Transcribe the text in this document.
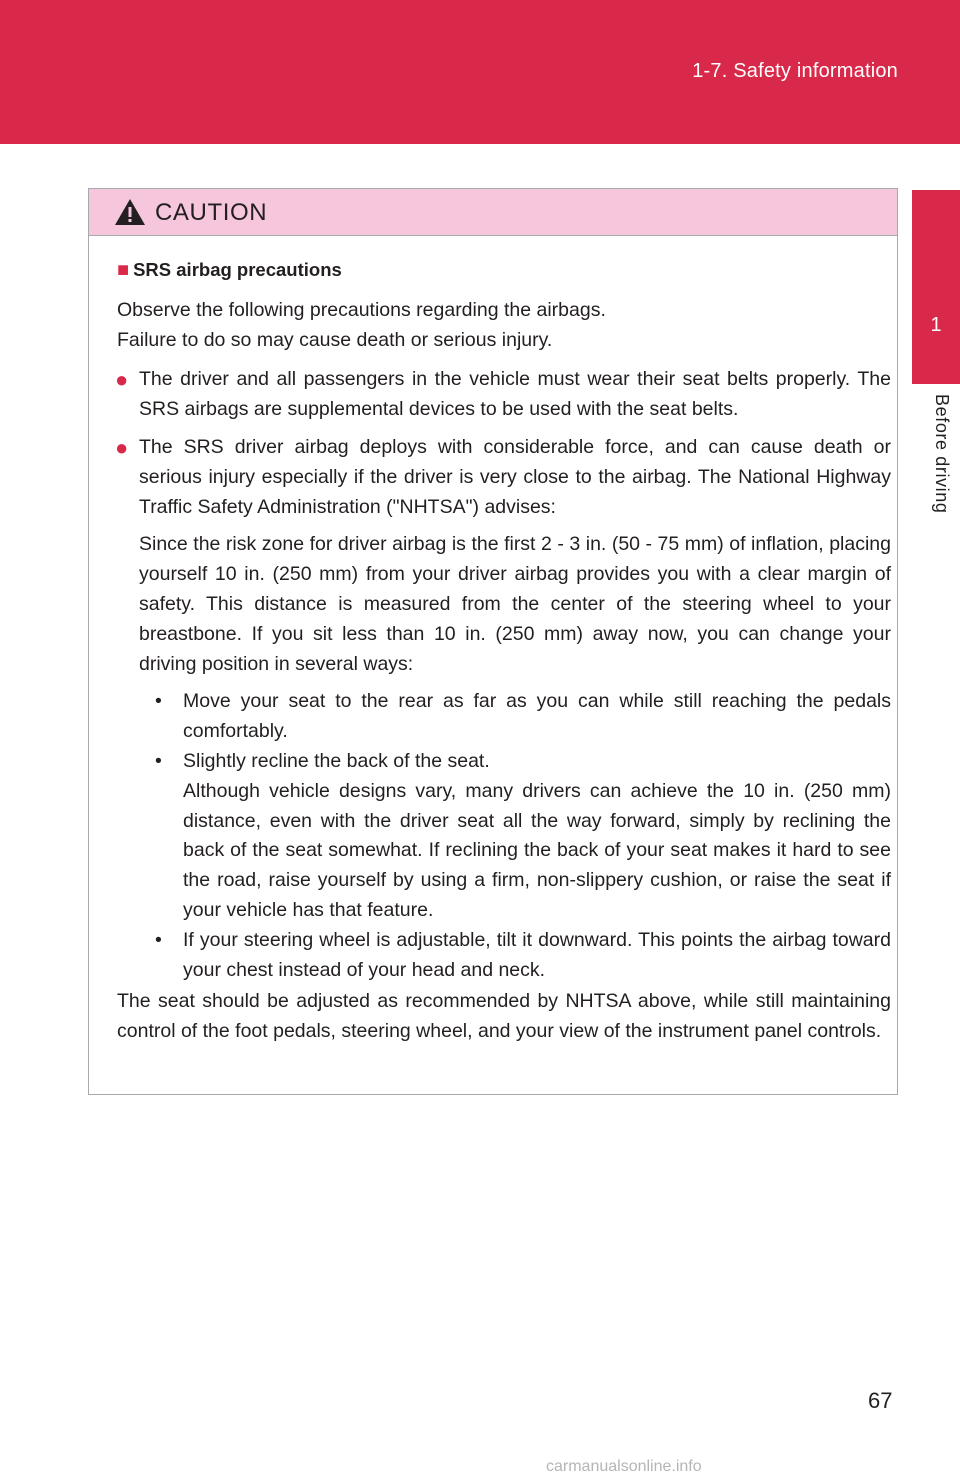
1-7. Safety information
1
Before driving
CAUTION

■ SRS airbag precautions

Observe the following precautions regarding the airbags.
Failure to do so may cause death or serious injury.

● The driver and all passengers in the vehicle must wear their seat belts properly. The SRS airbags are supplemental devices to be used with the seat belts.

● The SRS driver airbag deploys with considerable force, and can cause death or serious injury especially if the driver is very close to the airbag. The National Highway Traffic Safety Administration ("NHTSA") advises:

Since the risk zone for driver airbag is the first 2 - 3 in. (50 - 75 mm) of inflation, placing yourself 10 in. (250 mm) from your driver airbag provides you with a clear margin of safety. This distance is measured from the center of the steering wheel to your breastbone. If you sit less than 10 in. (250 mm) away now, you can change your driving position in several ways:

• Move your seat to the rear as far as you can while still reaching the pedals comfortably.
• Slightly recline the back of the seat.
Although vehicle designs vary, many drivers can achieve the 10 in. (250 mm) distance, even with the driver seat all the way forward, simply by reclining the back of the seat somewhat. If reclining the back of your seat makes it hard to see the road, raise yourself by using a firm, non-slippery cushion, or raise the seat if your vehicle has that feature.
• If your steering wheel is adjustable, tilt it downward. This points the airbag toward your chest instead of your head and neck.

The seat should be adjusted as recommended by NHTSA above, while still maintaining control of the foot pedals, steering wheel, and your view of the instrument panel controls.

67
carmanualsonline.info
